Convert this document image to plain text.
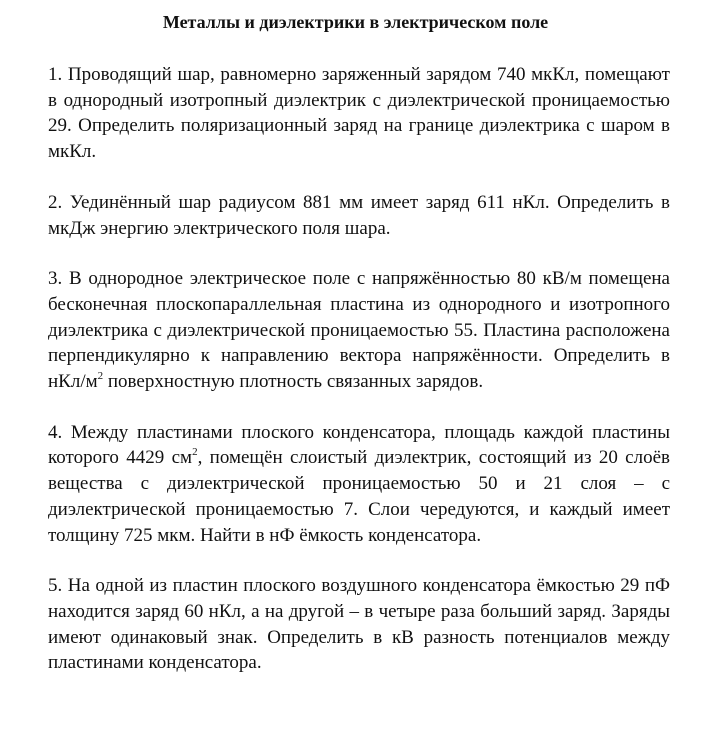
Металлы и диэлектрики в электрическом поле

1. Проводящий шар, равномерно заряженный зарядом 740 мкКл, помещают в однородный изотропный диэлектрик с диэлектрической проницаемостью 29. Определить поляризационный заряд на границе диэлектрика с шаром в мкКл.

2. Уединённый шар радиусом 881 мм имеет заряд 611 нКл. Определить в мкДж энергию электрического поля шара.

3. В однородное электрическое поле с напряжённостью 80 кВ/м помещена бесконечная плоскопараллельная пластина из однородного и изотропного диэлектрика с диэлектрической проницаемостью 55. Пластина расположена перпендикулярно к направлению вектора напряжённости. Определить в нКл/$м^2$ поверхностную плотность связанных зарядов.

4. Между пластинами плоского конденсатора, площадь каждой пластины которого 4429 $см^2$, помещён слоистый диэлектрик, состоящий из 20 слоёв вещества с диэлектрической проницаемостью 50 и 21 слоя – с диэлектрической проницаемостью 7. Слои чередуются, и каждый имеет толщину 725 мкм. Найти в нФ ёмкость конденсатора.

5. На одной из пластин плоского воздушного конденсатора ёмкостью 29 пФ находится заряд 60 нКл, а на другой – в четыре раза больший заряд. Заряды имеют одинаковый знак. Определить в кВ разность потенциалов между пластинами конденсатора.
